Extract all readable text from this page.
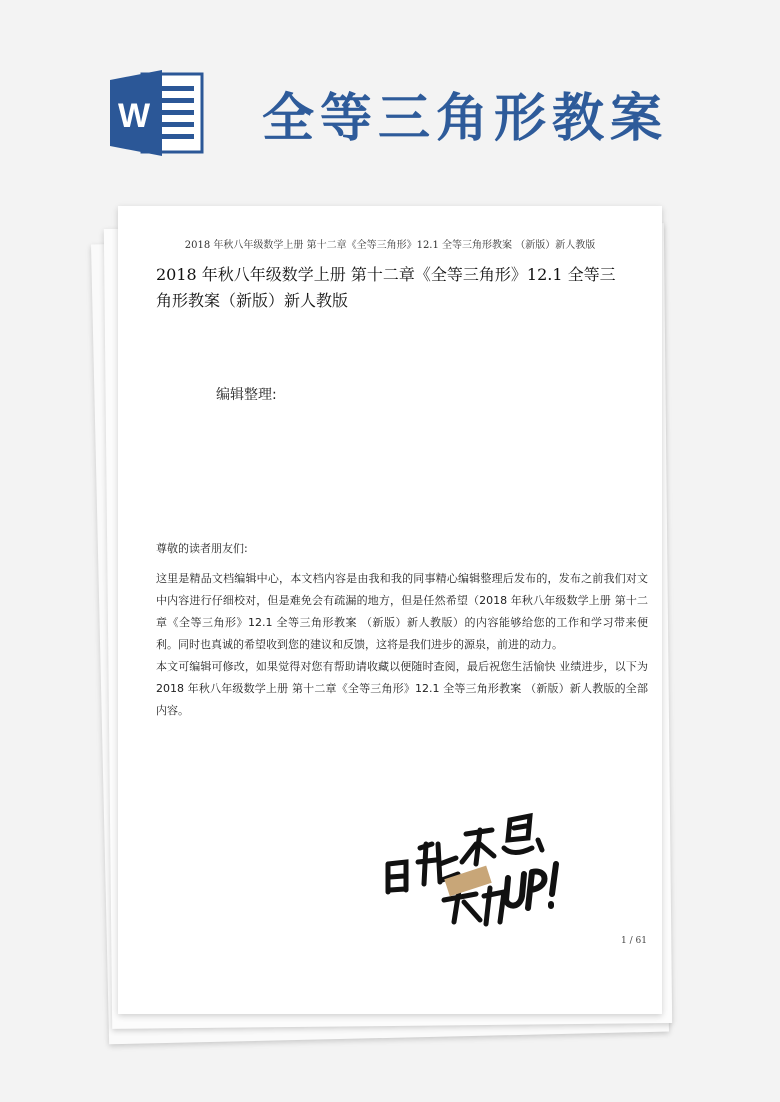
W 全等三角形教案
2018 年秋八年级数学上册 第十二章《全等三角形》12.1 全等三角形教案 （新版）新人教版
2018 年秋八年级数学上册 第十二章《全等三角形》12.1 全等三角形教案（新版）新人教版
编辑整理:
尊敬的读者朋友们:

这里是精品文档编辑中心，本文档内容是由我和我的同事精心编辑整理后发布的，发布之前我们对文中内容进行仔细校对，但是难免会有疏漏的地方，但是任然希望（2018 年秋八年级数学上册 第十二章《全等三角形》12.1 全等三角形教案 （新版）新人教版）的内容能够给您的工作和学习带来便利。同时也真诚的希望收到您的建议和反馈，这将是我们进步的源泉，前进的动力。

本文可编辑可修改，如果觉得对您有帮助请收藏以便随时查阅，最后祝您生活愉快 业绩进步，以下为 2018 年秋八年级数学上册 第十二章《全等三角形》12.1 全等三角形教案 （新版）新人教版的全部内容。

1 / 61
